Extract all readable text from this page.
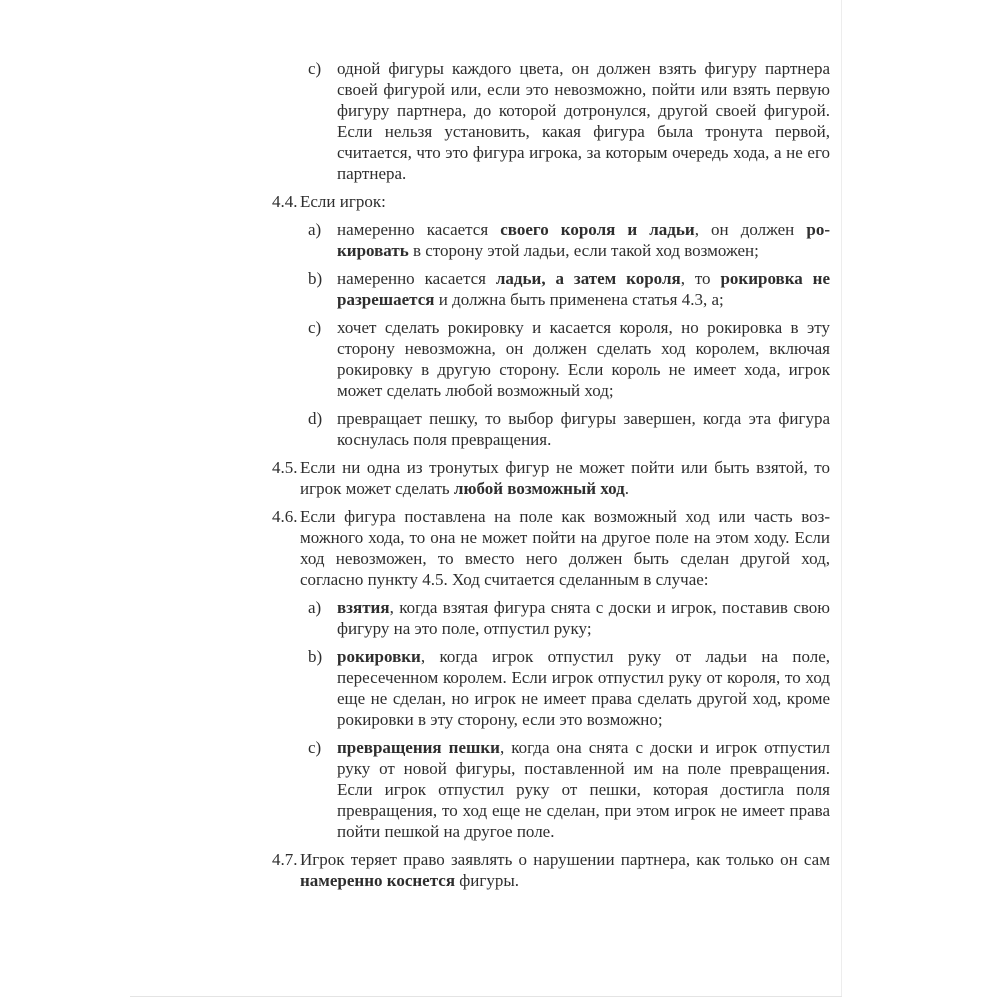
c) одной фигуры каждого цвета, он должен взять фигуру партнера своей фигурой или, если это невозможно, пойти или взять первую фигуру партнера, до которой дотронулся, другой своей фигурой. Если нельзя установить, какая фигура была тронута первой, считается, что это фигура игрока, за которым очередь хода, а не его партнера.

4.4. Если игрок:

a) намеренно касается своего короля и ладьи, он должен рокировать в сторону этой ладьи, если такой ход возможен;

b) намеренно касается ладьи, а затем короля, то рокировка не разрешается и должна быть применена статья 4.3, а;

c) хочет сделать рокировку и касается короля, но рокировка в эту сторону невозможна, он должен сделать ход королем, включая рокировку в другую сторону. Если король не имеет хода, игрок может сделать любой возможный ход;

d) превращает пешку, то выбор фигуры завершен, когда эта фигура коснулась поля превращения.

4.5. Если ни одна из тронутых фигур не может пойти или быть взятой, то игрок может сделать любой возможный ход.

4.6. Если фигура поставлена на поле как возможный ход или часть возможного хода, то она не может пойти на другое поле на этом ходу. Если ход невозможен, то вместо него должен быть сделан другой ход, согласно пункту 4.5. Ход считается сделанным в случае:

a) взятия, когда взятая фигура снята с доски и игрок, поставив свою фигуру на это поле, отпустил руку;

b) рокировки, когда игрок отпустил руку от ладьи на поле, пересеченном королем. Если игрок отпустил руку от короля, то ход еще не сделан, но игрок не имеет права сделать другой ход, кроме рокировки в эту сторону, если это возможно;

c) превращения пешки, когда она снята с доски и игрок отпустил руку от новой фигуры, поставленной им на поле превращения. Если игрок отпустил руку от пешки, которая достигла поля превращения, то ход еще не сделан, при этом игрок не имеет права пойти пешкой на другое поле.

4.7. Игрок теряет право заявлять о нарушении партнера, как только он сам намеренно коснется фигуры.
